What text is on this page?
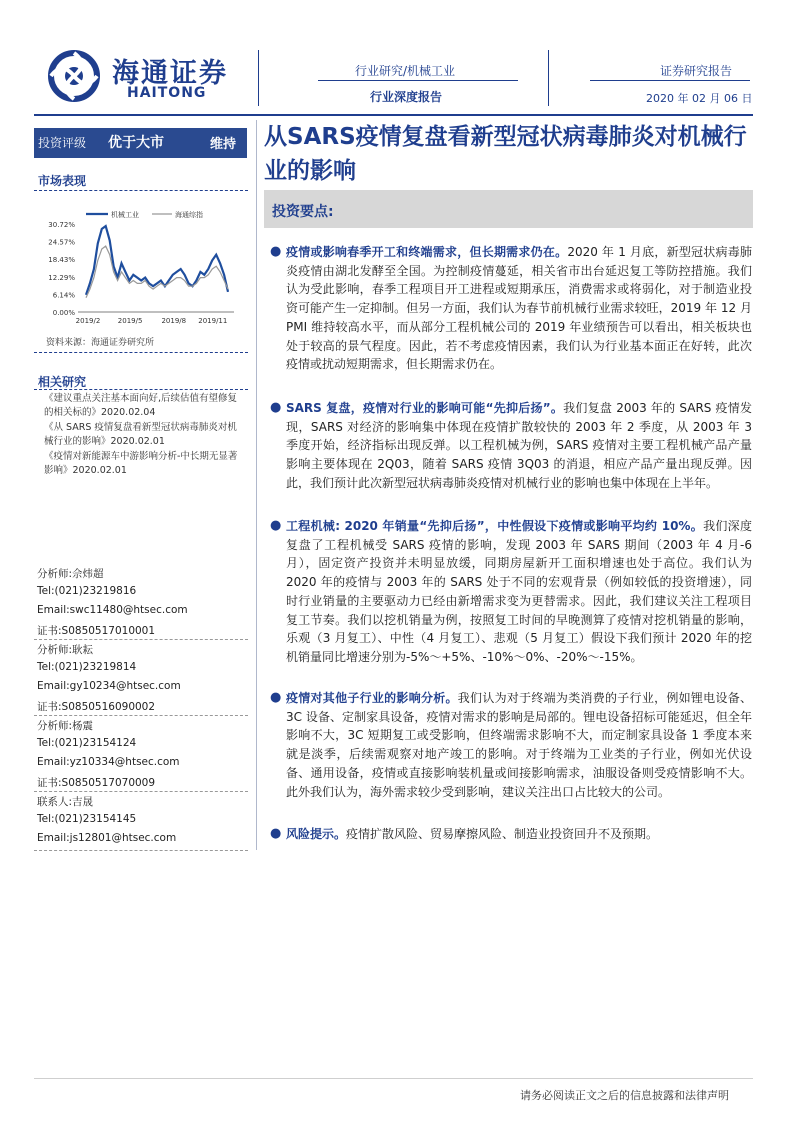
海通证券
HAITONG
行业研究/机械工业
行业深度报告
证券研究报告
2020 年 02 月 06 日
投资评级 优于大市	维持 从SARS疫情复盘看新型冠状病毒肺炎对机械行业的影响
市场表现
0.00%
6.14%
12.29%
18.43%
24.57%
30.72%
2019/2 2019/5	2019/8 2019/11
机械工业	海通综指
资料来源：海通证券研究所
相关研究
《建议重点关注基本面向好,后续估值有望修复的相关标的》2020.02.04
《从 SARS 疫情复盘看新型冠状病毒肺炎对机械行业的影响》2020.02.01
《疫情对新能源车中游影响分析-中长期无显著影响》2020.02.01
分析师:佘炜超
Tel:(021)23219816
Email:swc11480@htsec.com
证书:S0850517010001
分析师:耿耘
Tel:(021)23219814
Email:gy10234@htsec.com
证书:S0850516090002
分析师:杨震
Tel:(021)23154124
Email:yz10334@htsec.com
证书:S0850517070009
联系人:吉晟
Tel:(021)23154145
Email:js12801@htsec.com
投资要点:
● 疫情或影响春季开工和终端需求，但长期需求仍在。2020 年 1 月底，新型冠状病毒肺炎疫情由湖北发酵至全国。为控制疫情蔓延，相关省市出台延迟复工等防控措施。我们认为受此影响，春季工程项目开工进程或短期承压，消费需求或将弱化，对于制造业投资可能产生一定抑制。但另一方面，我们认为春节前机械行业需求较旺，2019 年 12 月 PMI 维持较高水平，而从部分工程机械公司的 2019 年业绩预告可以看出，相关板块也处于较高的景气程度。因此，若不考虑疫情因素，我们认为行业基本面正在好转，此次疫情或扰动短期需求，但长期需求仍在。
● SARS 复盘，疫情对行业的影响可能“先抑后扬”。我们复盘 2003 年的 SARS 疫情发现，SARS 对经济的影响集中体现在疫情扩散较快的 2003 年 2 季度，从 2003 年 3 季度开始，经济指标出现反弹。以工程机械为例，SARS 疫情对主要工程机械产品产量影响主要体现在 2Q03，随着 SARS 疫情 3Q03 的消退，相应产品产量出现反弹。因此，我们预计此次新型冠状病毒肺炎疫情对机械行业的影响也集中体现在上半年。
● 工程机械: 2020 年销量“先抑后扬”，中性假设下疫情或影响平均约 10%。我们深度复盘了工程机械受 SARS 疫情的影响，发现 2003 年 SARS 期间（2003 年 4 月-6 月），固定资产投资并未明显放缓，同期房屋新开工面积增速也处于高位。我们认为 2020 年的疫情与 2003 年的 SARS 处于不同的宏观背景（例如较低的投资增速），同时行业销量的主要驱动力已经由新增需求变为更替需求。因此，我们建议关注工程项目复工节奏。我们以挖机销量为例，按照复工时间的早晚测算了疫情对挖机销量的影响，乐观（3 月复工）、中性（4 月复工）、悲观（5 月复工）假设下我们预计 2020 年的挖机销量同比增速分别为-5%～+5%、-10%～0%、-20%～-15%。
● 疫情对其他子行业的影响分析。我们认为对于终端为类消费的子行业，例如锂电设备、3C 设备、定制家具设备，疫情对需求的影响是局部的。锂电设备招标可能延迟，但全年影响不大，3C 短期复工或受影响，但终端需求影响不大，而定制家具设备 1 季度本来就是淡季，后续需观察对地产竣工的影响。对于终端为工业类的子行业，例如光伏设备、通用设备，疫情或直接影响装机量或间接影响需求，油服设备则受疫情影响不大。此外我们认为，海外需求较少受到影响，建议关注出口占比较大的公司。
● 风险提示。疫情扩散风险、贸易摩擦风险、制造业投资回升不及预期。
请务必阅读正文之后的信息披露和法律声明
